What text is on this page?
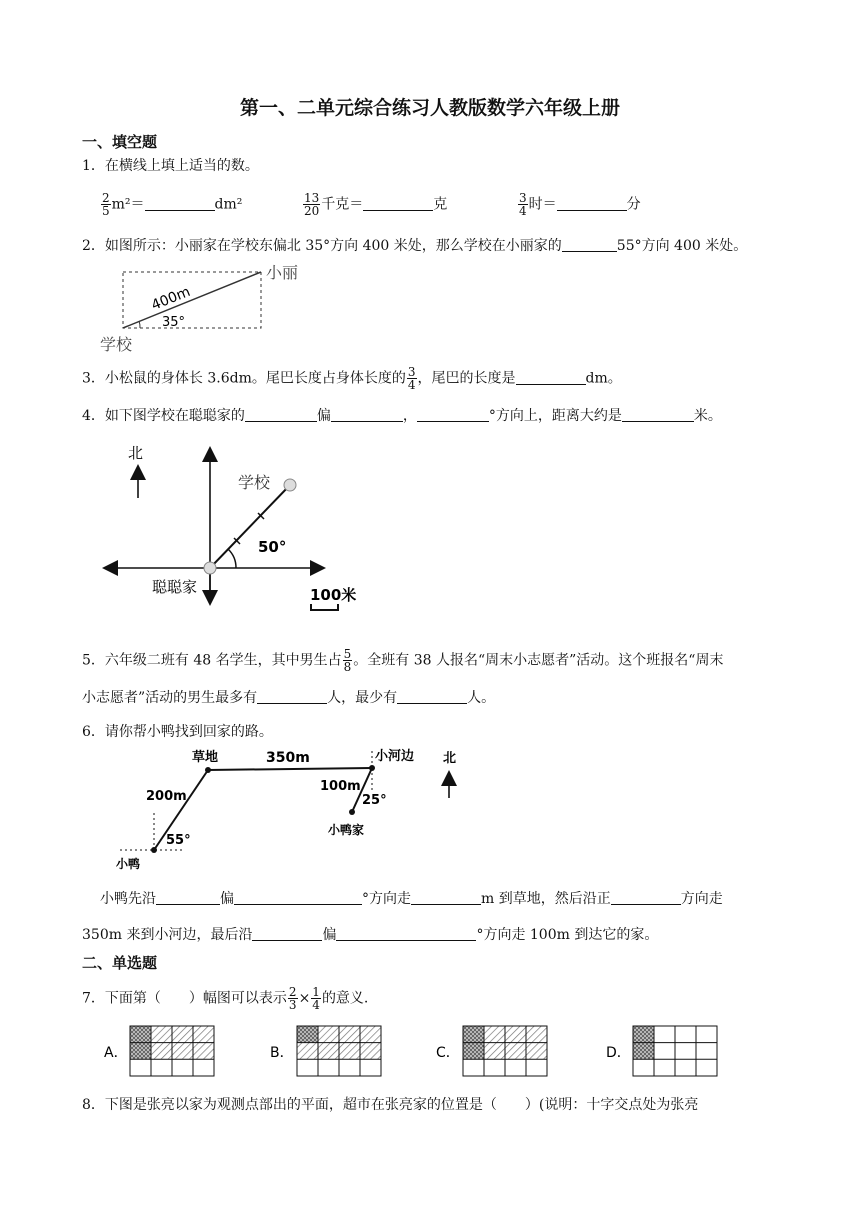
第一、二单元综合练习人教版数学六年级上册
一、填空题
1．在横线上填上适当的数。
$\frac{2}{5} m^2=$	dm²	$\frac{13}{20}$ 千克＝	克	$\frac{3}{4}$ 时＝	分
2．如图所示：小丽家在学校东偏北 35°方向 400 米处，那么学校在小丽家的	55°方向 400 米处。
400m
35°
小丽
学校
3．小松鼠的身体长 3.6dm。尾巴长度占身体长度的 $\frac{3}{4}$ ，尾巴的长度是	dm。
4．如下图学校在聪聪家的	偏	，	°方向上，距离大约是	米。
北
学校
50°
聪聪家	100米
5．六年级二班有 48 名学生，其中男生占 $\frac{5}{8}$ 。全班有 38 人报名“周末小志愿者”活动。这个班报名“周末
小志愿者”活动的男生最多有	人，最少有	人。
6．请你帮小鸭找到回家的路。
草地	350m	小河边 北
200m
100m
25°
55°
小鸭家
小鸭
小鸭先沿	偏	°方向走	m 到草地，然后沿正	方向走
350m 来到小河边，最后沿	偏	°方向走 100m 到达它的家。
二、单选题
7．下面第（　　）幅图可以表示 $\frac{2}{3} \times \frac{1}{4}$ 的意义.
A．	B．	C．	D．
8．下图是张亮以家为观测点部出的平面，超市在张亮家的位置是（　　）(说明：十字交点处为张亮
